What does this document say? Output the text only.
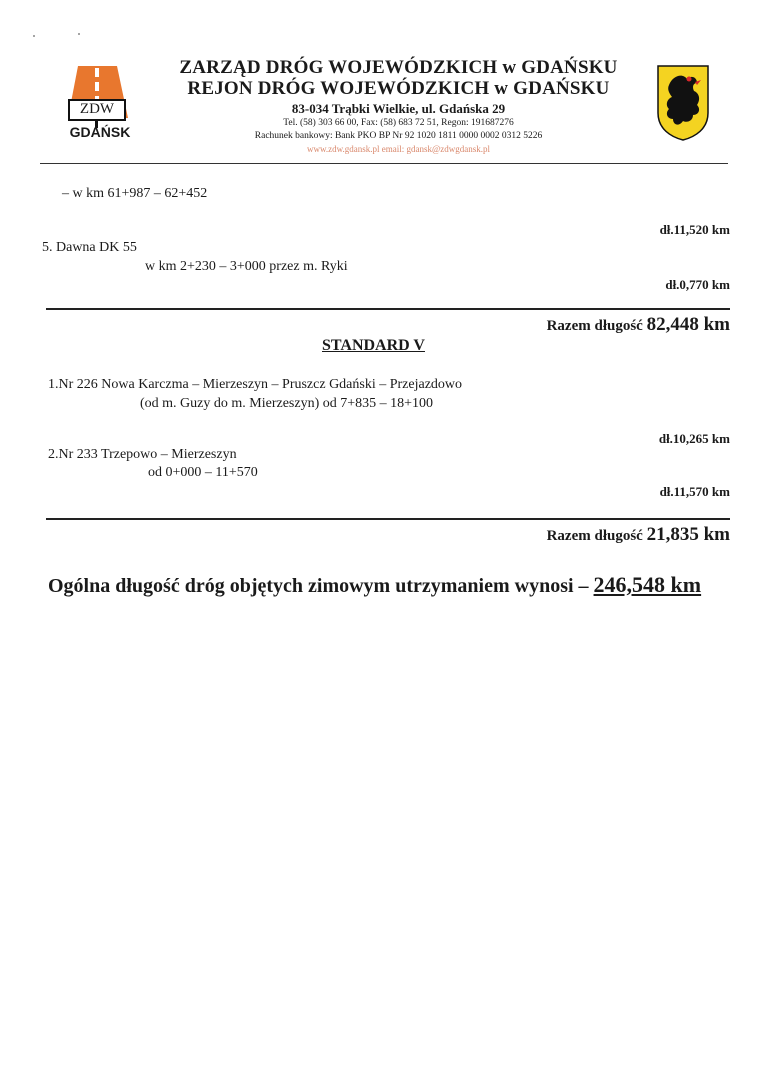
ZDW
GDAŃSK
ZARZĄD DRÓG WOJEWÓDZKICH w GDAŃSKU
REJON DRÓG WOJEWÓDZKICH w GDAŃSKU
83-034 Trąbki Wielkie, ul. Gdańska 29
Tel. (58) 303 66 00, Fax: (58) 683 72 51, Regon: 191687276
Rachunek bankowy: Bank PKO BP Nr 92 1020 1811 0000 0002 0312 5226
www.zdw.gdansk.pl email: gdansk@zdwgdansk.pl
– w km 61+987 – 62+452
dł.11,520 km
5. Dawna DK 55
w km 2+230 – 3+000 przez m. Ryki
dł.0,770 km
Razem długość 82,448 km
STANDARD V
1.Nr 226 Nowa Karczma – Mierzeszyn – Pruszcz Gdański – Przejazdowo
(od m. Guzy do m. Mierzeszyn) od 7+835 – 18+100
dł.10,265 km
2.Nr 233 Trzepowo – Mierzeszyn
od 0+000 – 11+570
dł.11,570 km
Razem długość 21,835 km
Ogólna długość dróg objętych zimowym utrzymaniem wynosi – 246,548 km
